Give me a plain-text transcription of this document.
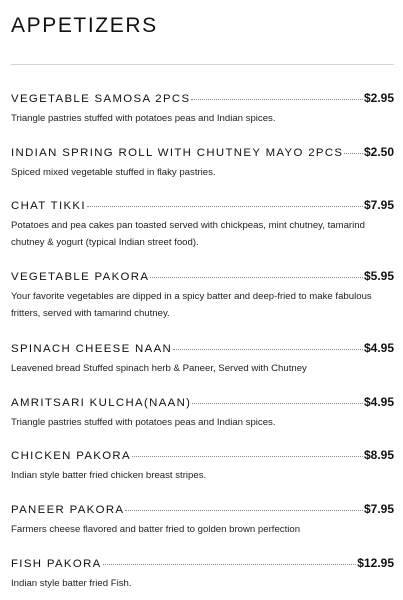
APPETIZERS
VEGETABLE SAMOSA 2PCS	$2.95
Triangle pastries stuffed with potatoes peas and Indian spices.
INDIAN SPRING ROLL WITH CHUTNEY MAYO 2PCS $2.50
Spiced mixed vegetable stuffed in flaky pastries.
CHAT TIKKI	$7.95
Potatoes and pea cakes pan toasted served with chickpeas, mint chutney, tamarind chutney & yogurt (typical Indian street food).
VEGETABLE PAKORA	$5.95
Your favorite vegetables are dipped in a spicy batter and deep-fried to make fabulous fritters, served with tamarind chutney.
SPINACH CHEESE NAAN	$4.95
Leavened bread Stuffed spinach herb & Paneer, Served with Chutney
AMRITSARI KULCHA(NAAN)	$4.95
Triangle pastries stuffed with potatoes peas and Indian spices.
CHICKEN PAKORA	$8.95
Indian style batter fried chicken breast stripes.
PANEER PAKORA	$7.95
Farmers cheese flavored and batter fried to golden brown perfection
FISH PAKORA	$12.95
Indian style batter fried Fish.
